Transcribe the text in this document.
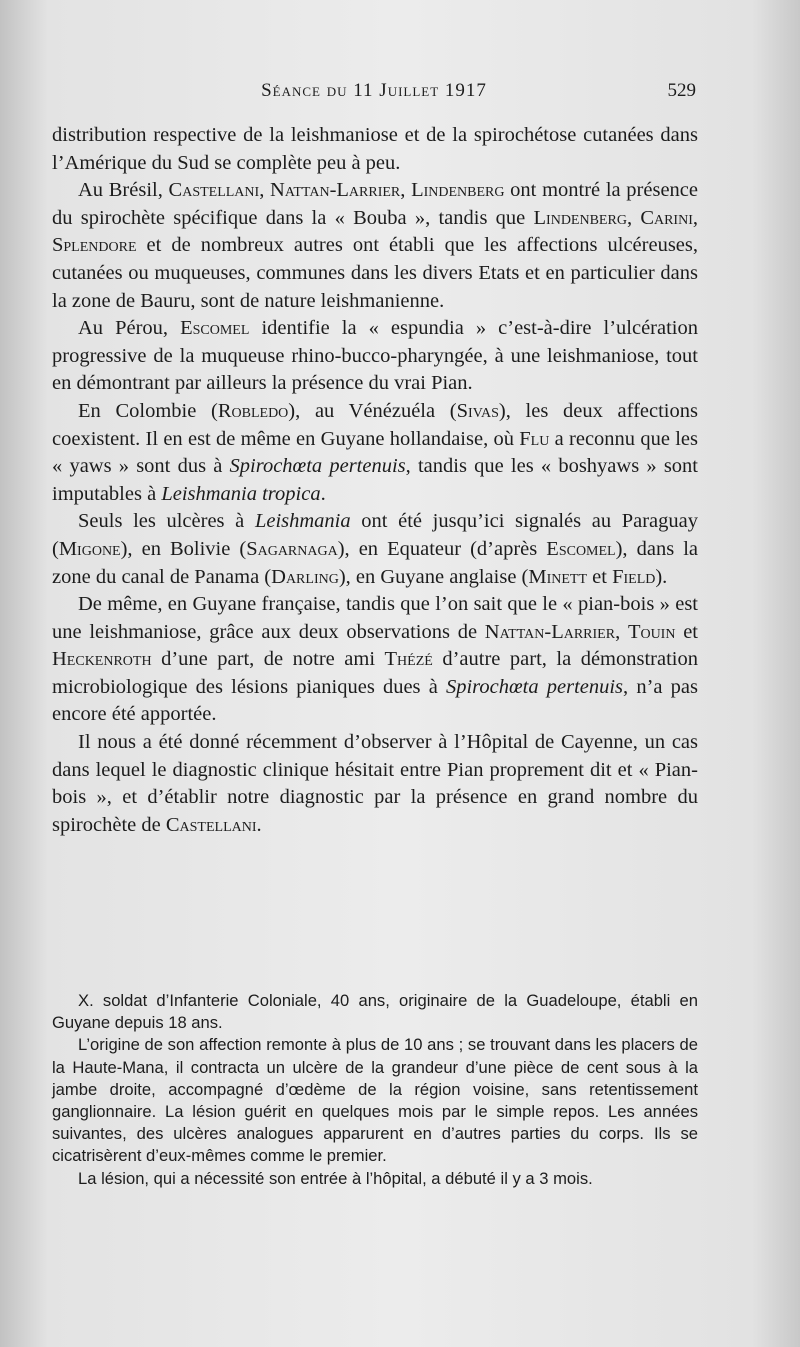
Séance du 11 Juillet 1917	529

distribution respective de la leishmaniose et de la spirochétose cutanées dans l’Amérique du Sud se complète peu à peu.

Au Brésil, Castellani, Nattan-Larrier, Lindenberg ont montré la présence du spirochète spécifique dans la « Bouba », tandis que Lindenberg, Carini, Splendore et de nombreux autres ont établi que les affections ulcéreuses, cutanées ou muqueuses, communes dans les divers Etats et en particulier dans la zone de Bauru, sont de nature leishmanienne.

Au Pérou, Escomel identifie la « espundia » c’est-à-dire l’ulcération progressive de la muqueuse rhino-bucco-pharyngée, à une leishmaniose, tout en démontrant par ailleurs la présence du vrai Pian.

En Colombie (Robledo), au Vénézuéla (Sivas), les deux affections coexistent. Il en est de même en Guyane hollandaise, où Flu a reconnu que les « yaws » sont dus à Spirochœta pertenuis, tandis que les « boshyaws » sont imputables à Leishmania tropica.

Seuls les ulcères à Leishmania ont été jusqu’ici signalés au Paraguay (Migone), en Bolivie (Sagarnaga), en Equateur (d’après Escomel), dans la zone du canal de Panama (Darling), en Guyane anglaise (Minett et Field).

De même, en Guyane française, tandis que l’on sait que le « pian-bois » est une leishmaniose, grâce aux deux observations de Nattan-Larrier, Touin et Heckenroth d’une part, de notre ami Thézé d’autre part, la démonstration microbiologique des lésions pianiques dues à Spirochœta pertenuis, n’a pas encore été apportée.

Il nous a été donné récemment d’observer à l’Hôpital de Cayenne, un cas dans lequel le diagnostic clinique hésitait entre Pian proprement dit et « Pian-bois », et d’établir notre diagnostic par la présence en grand nombre du spirochète de Castellani.

X. soldat d’Infanterie Coloniale, 40 ans, originaire de la Guadeloupe, établi en Guyane depuis 18 ans.

L’origine de son affection remonte à plus de 10 ans ; se trouvant dans les placers de la Haute-Mana, il contracta un ulcère de la grandeur d’une pièce de cent sous à la jambe droite, accompagné d’œdème de la région voisine, sans retentissement ganglionnaire. La lésion guérit en quelques mois par le simple repos. Les années suivantes, des ulcères analogues apparurent en d’autres parties du corps. Ils se cicatrisèrent d’eux-mêmes comme le premier.

La lésion, qui a nécessité son entrée à l’hôpital, a débuté il y a 3 mois.
